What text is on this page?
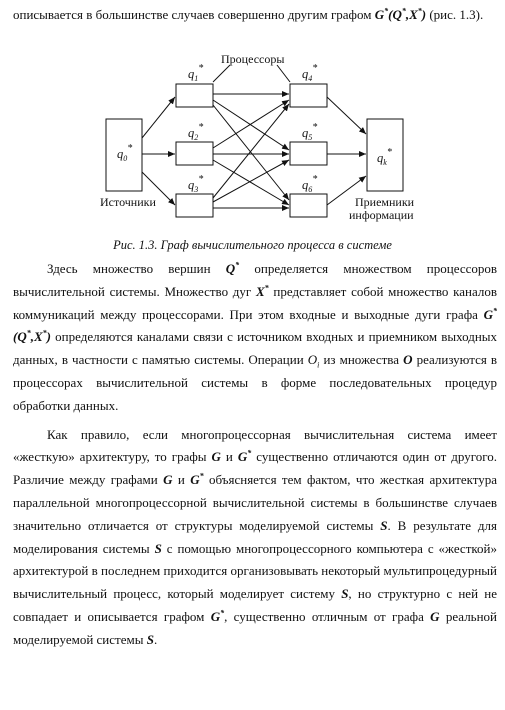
описывается в большинстве случаев совершенно другим графом G*(Q*,X*) (рис. 1.3).

$q_1^*$
$q_2^*$
$q_3^*$
$q_4^*$
$q_5^*$
$q_6^*$
$q_0^*$
$q_k^*$
Процессоры
Источники	Приемники
информации
Рис. 1.3. Граф вычислительного процесса в системе

Здесь множество вершин Q* определяется множеством процессоров вычислительной системы. Множество дуг X* представляет собой множество каналов коммуникаций между процессорами. При этом входные и выходные дуги графа G*(Q*,X*) определяются каналами связи с источником входных и приемником выходных данных, в частности с памятью системы. Операции $O_i$ из множества O реализуются в процессорах вычислительной системы в форме последовательных процедур обработки данных.

Как правило, если многопроцессорная вычислительная система имеет «жесткую» архитектуру, то графы G и G* существенно отличаются один от другого. Различие между графами G и G* объясняется тем фактом, что жесткая архитектура параллельной многопроцессорной вычислительной системы в большинстве случаев значительно отличается от структуры моделируемой системы S. В результате для моделирования системы S с помощью многопроцессорного компьютера с «жесткой» архитектурой в последнем приходится организовывать некоторый мультипроцедурный вычислительный процесс, который моделирует систему S, но структурно с ней не совпадает и описывается графом G*, существенно отличным от графа G реальной моделируемой системы S.
